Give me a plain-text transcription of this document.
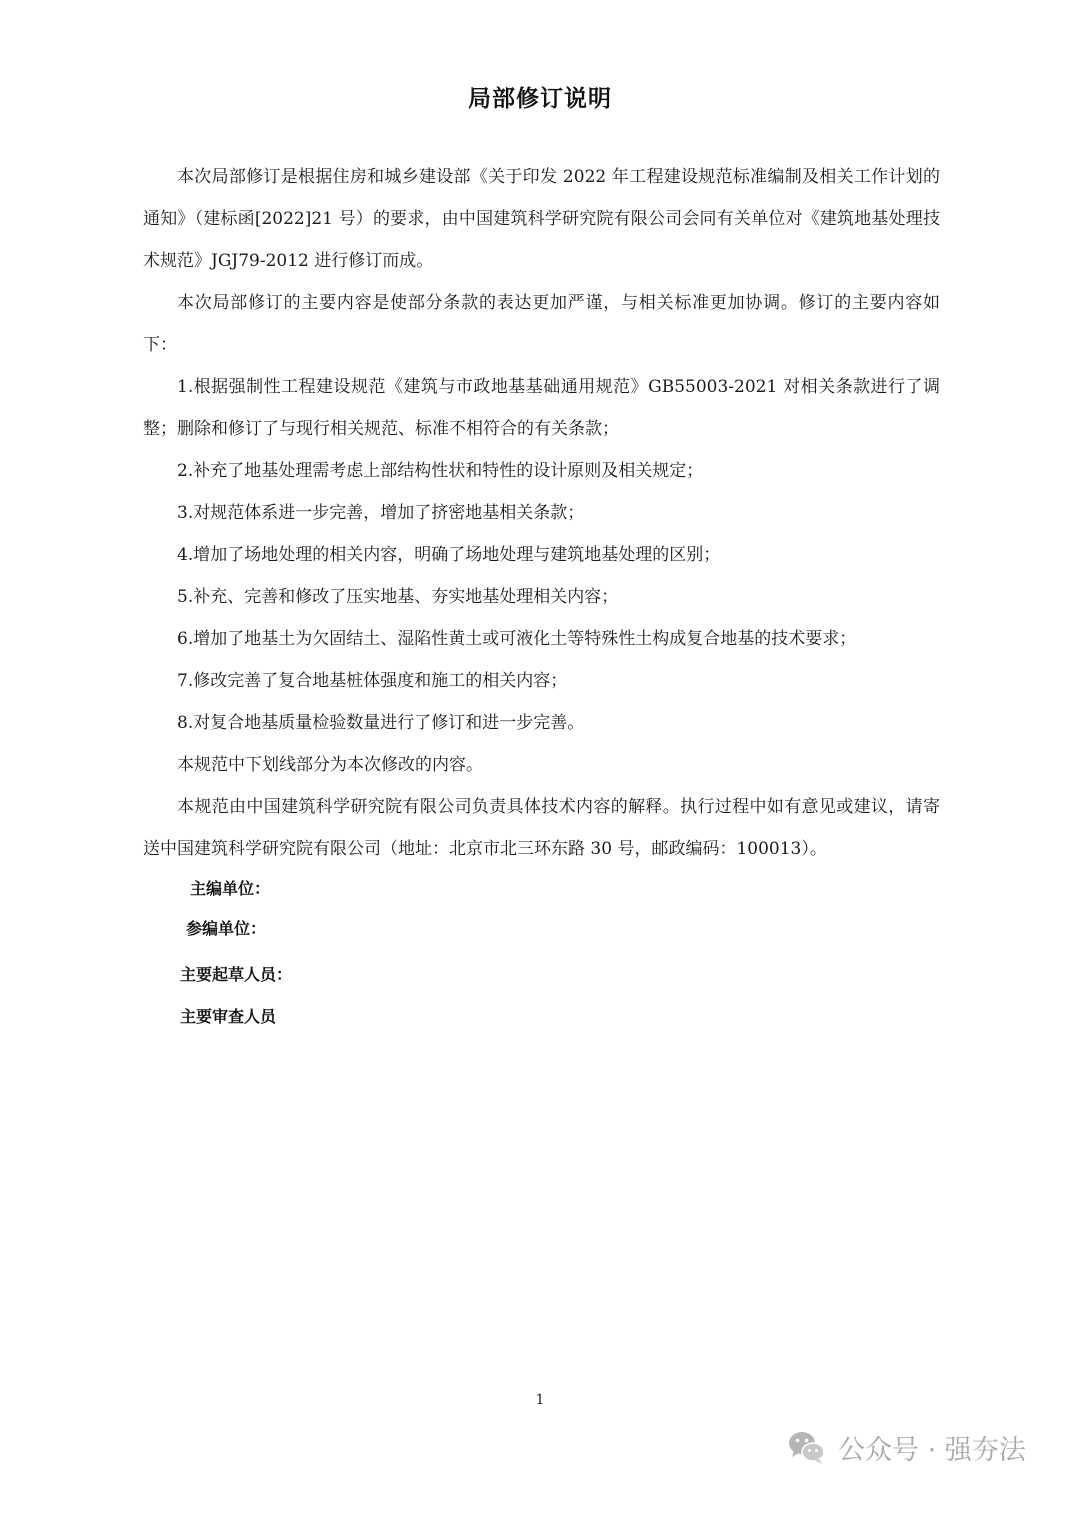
局部修订说明

本次局部修订是根据住房和城乡建设部《关于印发 2022 年工程建设规范标准编制及相关工作计划的通知》（建标函[2022]21 号）的要求，由中国建筑科学研究院有限公司会同有关单位对《建筑地基处理技术规范》JGJ79-2012 进行修订而成。

本次局部修订的主要内容是使部分条款的表达更加严谨，与相关标准更加协调。修订的主要内容如下：

1.根据强制性工程建设规范《建筑与市政地基基础通用规范》GB55003-2021 对相关条款进行了调整；删除和修订了与现行相关规范、标准不相符合的有关条款；

2.补充了地基处理需考虑上部结构性状和特性的设计原则及相关规定；

3.对规范体系进一步完善，增加了挤密地基相关条款；

4.增加了场地处理的相关内容，明确了场地处理与建筑地基处理的区别；

5.补充、完善和修改了压实地基、夯实地基处理相关内容；

6.增加了地基土为欠固结土、湿陷性黄土或可液化土等特殊性土构成复合地基的技术要求；

7.修改完善了复合地基桩体强度和施工的相关内容；

8.对复合地基质量检验数量进行了修订和进一步完善。

本规范中下划线部分为本次修改的内容。

本规范由中国建筑科学研究院有限公司负责具体技术内容的解释。执行过程中如有意见或建议，请寄送中国建筑科学研究院有限公司（地址：北京市北三环东路 30 号，邮政编码：100013）。

主编单位：
参编单位：
主要起草人员：
主要审查人员
1
公众号 · 强夯法
